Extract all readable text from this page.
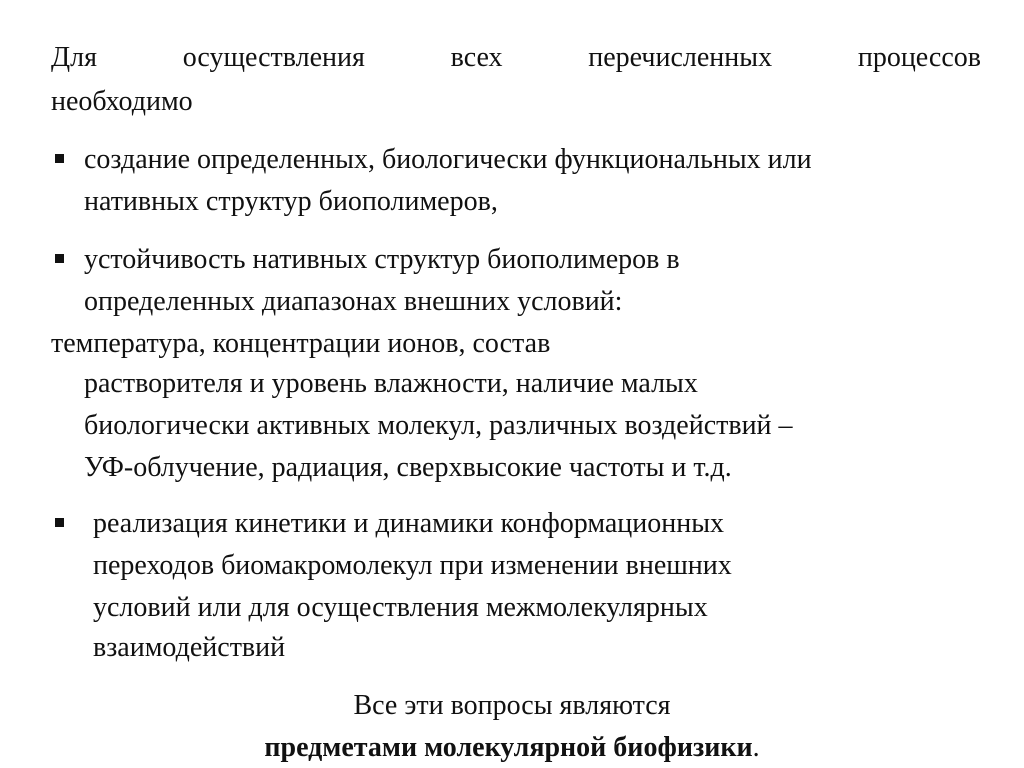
Для	осуществления	всех	перечисленных	процессов
необходимо
создание определенных, биологически функциональных или
нативных структур биополимеров,
устойчивость нативных структур биополимеров в
определенных диапазонах внешних условий:
температура, концентрации ионов, состав
растворителя и уровень влажности, наличие малых
биологически активных молекул, различных воздействий –
УФ-облучение, радиация, сверхвысокие частоты и т.д.
реализация кинетики и динамики конформационных
переходов биомакромолекул при изменении внешних
условий или для осуществления межмолекулярных
взаимодействий
Все эти вопросы являются
предметами молекулярной биофизики.
